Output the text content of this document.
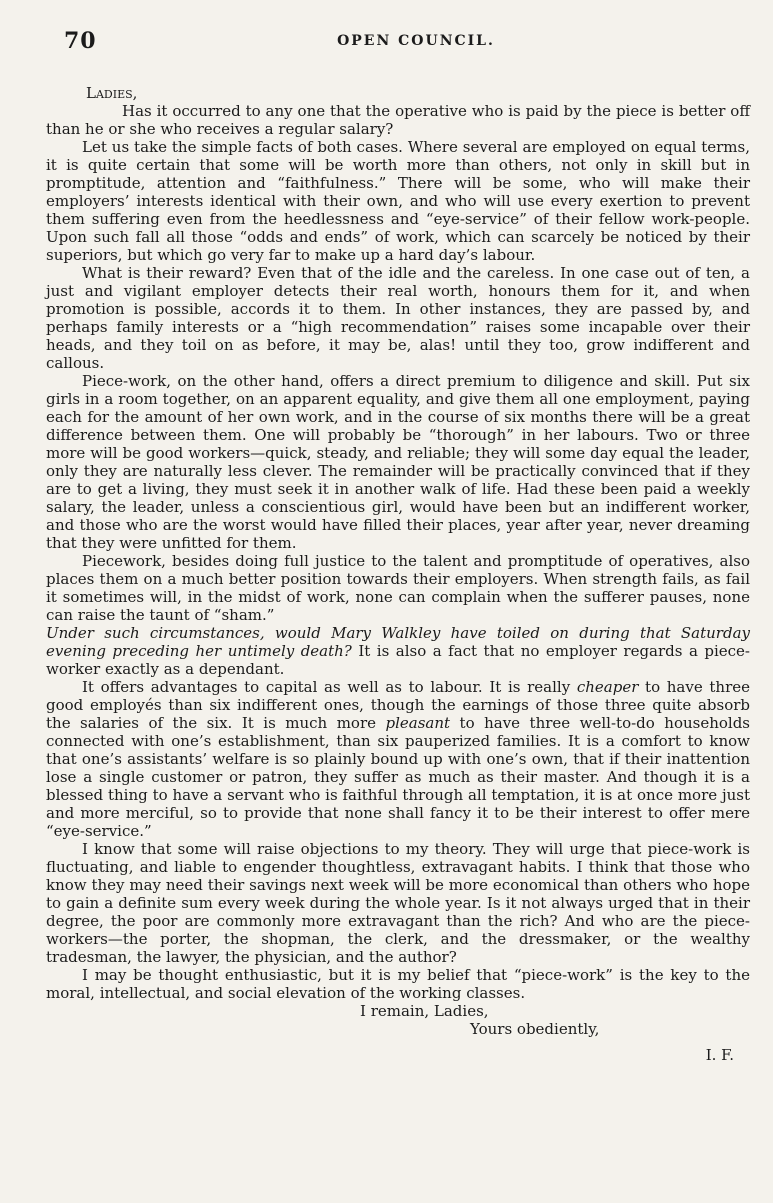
70	OPEN COUNCIL.
Ladies,

Has it occurred to any one that the operative who is paid by the piece is better off than he or she who receives a regular salary?

Let us take the simple facts of both cases. Where several are employed on equal terms, it is quite certain that some will be worth more than others, not only in skill but in promptitude, attention and “faithfulness.” There will be some, who will make their employers’ interests identical with their own, and who will use every exertion to prevent them suffering even from the heedlessness and “eye-service” of their fellow work-people. Upon such fall all those “odds and ends” of work, which can scarcely be noticed by their superiors, but which go very far to make up a hard day’s labour.

What is their reward? Even that of the idle and the careless. In one case out of ten, a just and vigilant employer detects their real worth, honours them for it, and when promotion is possible, accords it to them. In other instances, they are passed by, and perhaps family interests or a “high recommendation” raises some incapable over their heads, and they toil on as before, it may be, alas! until they too, grow indifferent and callous.

Piece-work, on the other hand, offers a direct premium to diligence and skill. Put six girls in a room together, on an apparent equality, and give them all one employment, paying each for the amount of her own work, and in the course of six months there will be a great difference between them. One will probably be “thorough” in her labours. Two or three more will be good workers—quick, steady, and reliable; they will some day equal the leader, only they are naturally less clever. The remainder will be practically convinced that if they are to get a living, they must seek it in another walk of life. Had these been paid a weekly salary, the leader, unless a conscientious girl, would have been but an indifferent worker, and those who are the worst would have filled their places, year after year, never dreaming that they were unfitted for them.

Piecework, besides doing full justice to the talent and promptitude of operatives, also places them on a much better position towards their employers. When strength fails, as fail it sometimes will, in the midst of work, none can complain when the sufferer pauses, none can raise the taunt of “sham.”

Under such circumstances, would Mary Walkley have toiled on during that Saturday evening preceding her untimely death? It is also a fact that no employer regards a piece-worker exactly as a dependant.

It offers advantages to capital as well as to labour. It is really cheaper to have three good employés than six indifferent ones, though the earnings of those three quite absorb the salaries of the six. It is much more pleasant to have three well-to-do households connected with one’s establishment, than six pauperized families. It is a comfort to know that one’s assistants’ welfare is so plainly bound up with one’s own, that if their inattention lose a single customer or patron, they suffer as much as their master. And though it is a blessed thing to have a servant who is faithful through all temptation, it is at once more just and more merciful, so to provide that none shall fancy it to be their interest to offer mere “eye-service.”

I know that some will raise objections to my theory. They will urge that piece-work is fluctuating, and liable to engender thoughtless, extravagant habits. I think that those who know they may need their savings next week will be more economical than others who hope to gain a definite sum every week during the whole year. Is it not always urged that in their degree, the poor are commonly more extravagant than the rich? And who are the piece-workers—the porter, the shopman, the clerk, and the dressmaker, or the wealthy tradesman, the lawyer, the physician, and the author?

I may be thought enthusiastic, but it is my belief that “piece-work” is the key to the moral, intellectual, and social elevation of the working classes.

I remain, Ladies,
Yours obediently,
I. F.
